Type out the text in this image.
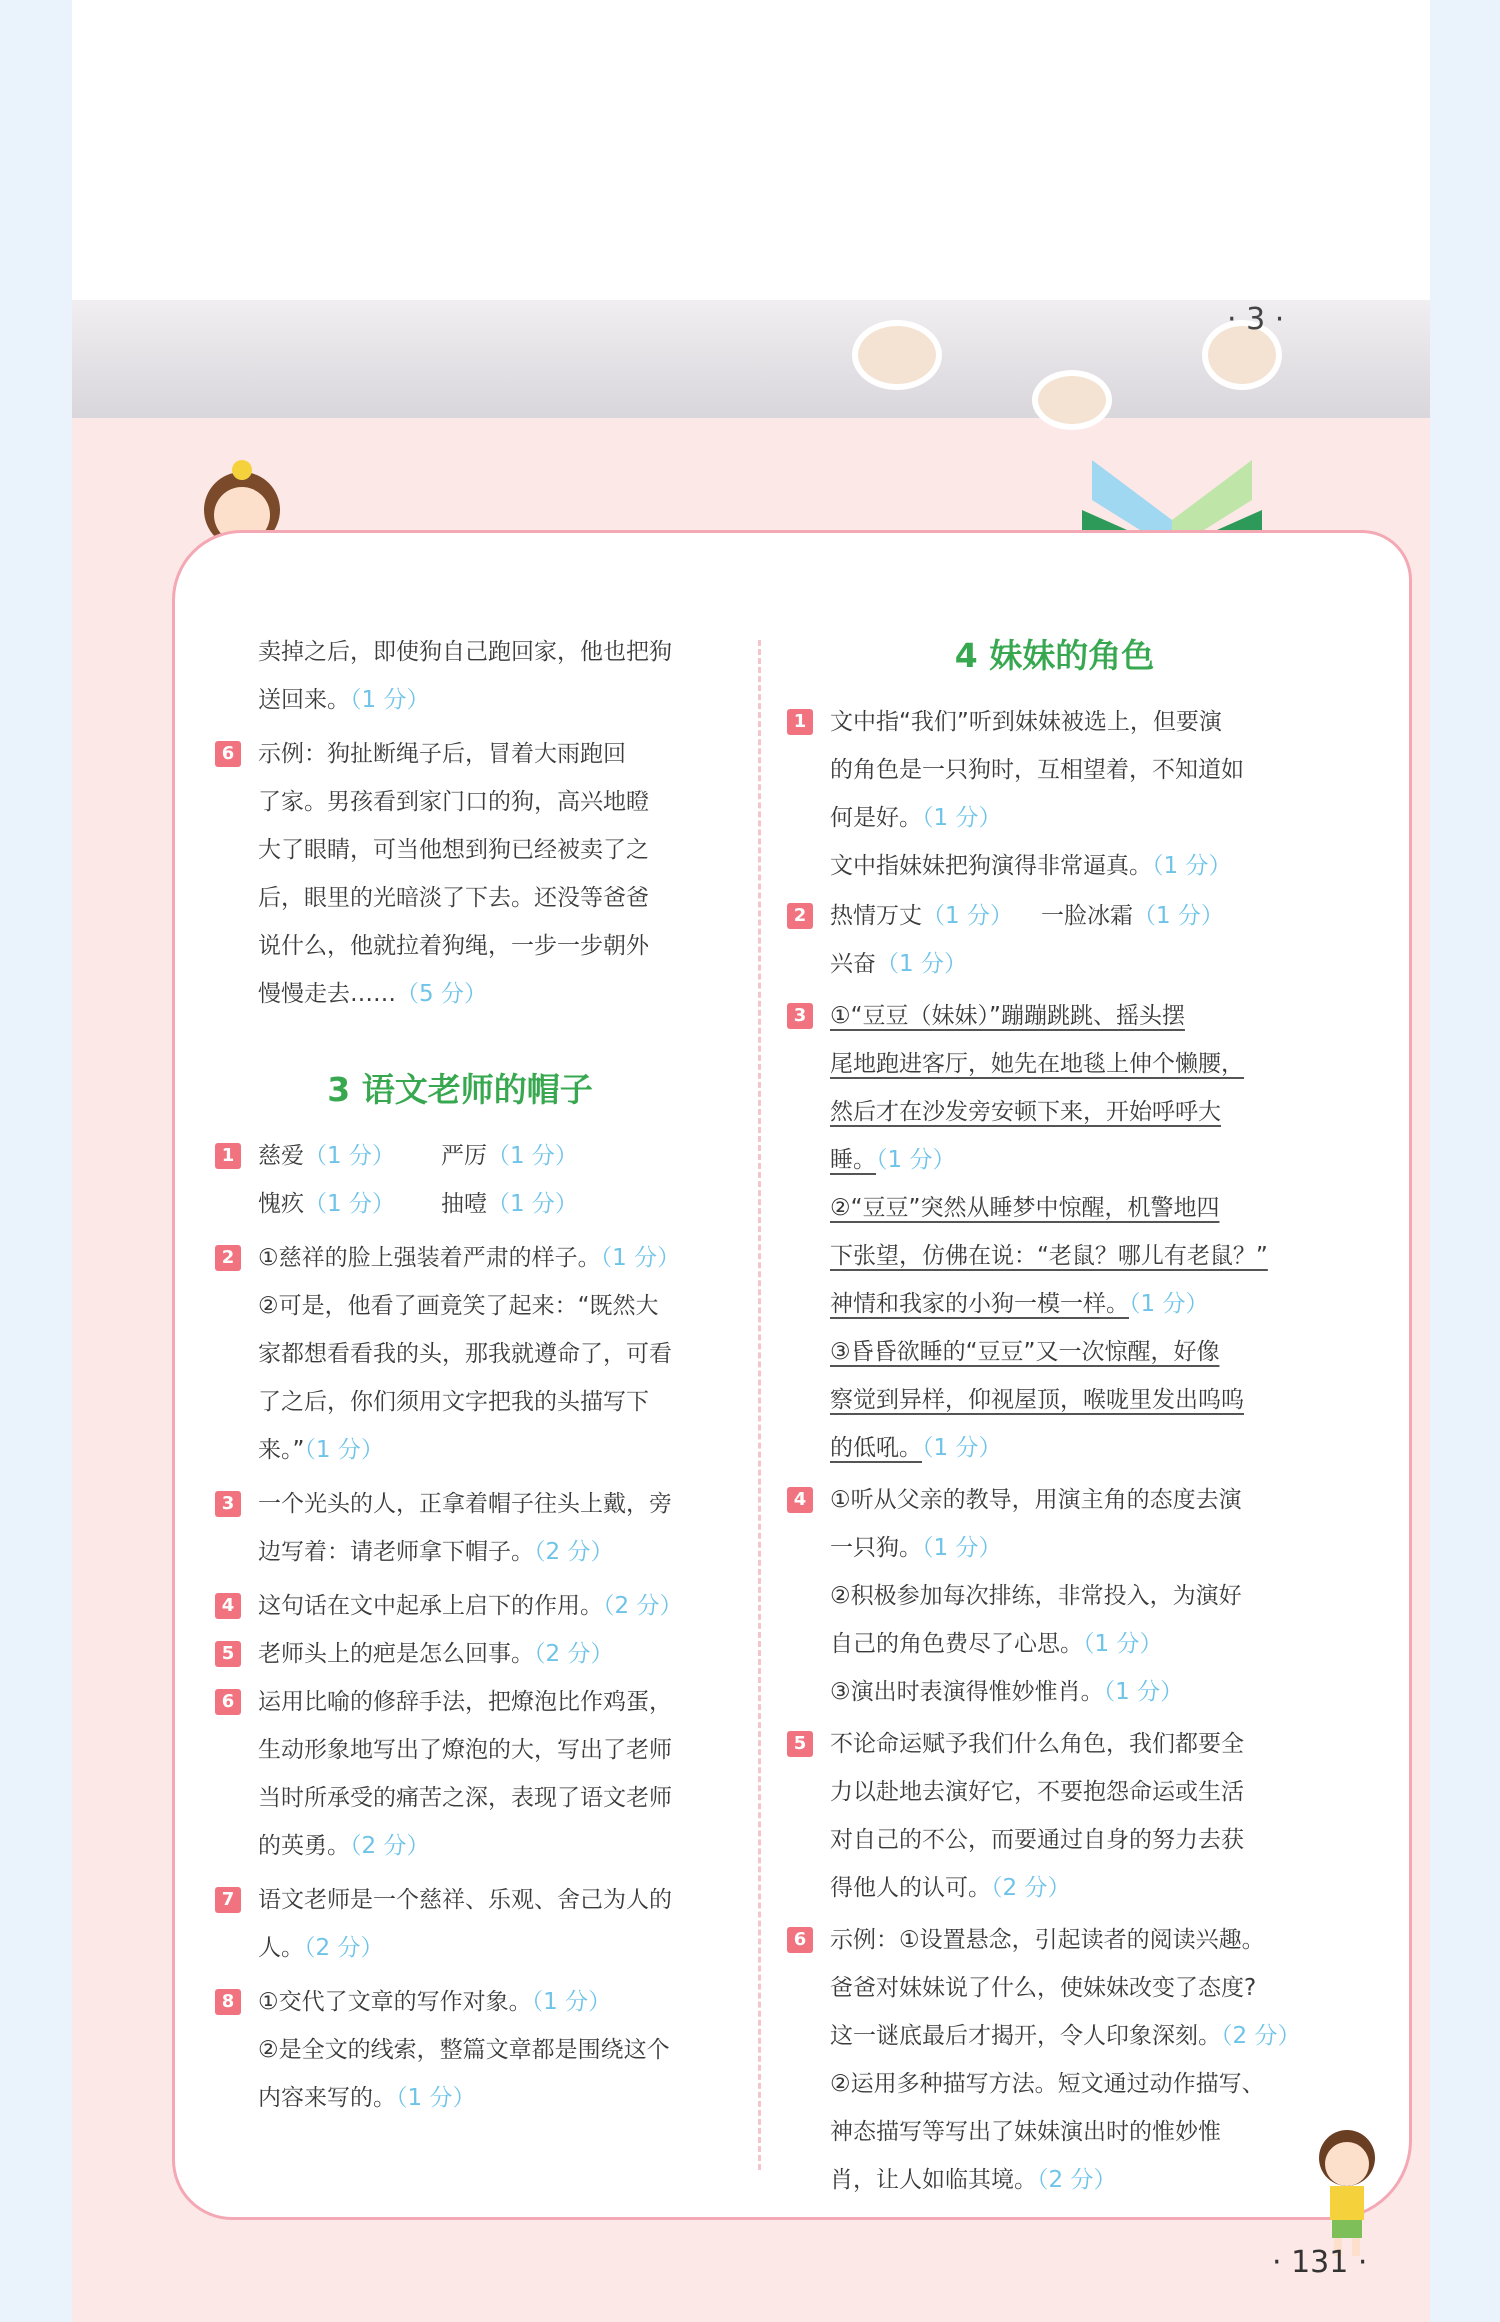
· 3 ·

卖掉之后，即使狗自己跑回家，他也把狗

送回来。（1 分）

6 示例：狗扯断绳子后，冒着大雨跑回

了家。男孩看到家门口的狗，高兴地瞪

大了眼睛，可当他想到狗已经被卖了之

后，眼里的光暗淡了下去。还没等爸爸

说什么，他就拉着狗绳，一步一步朝外

慢慢走去……（5 分）

3 语文老师的帽子

1 慈爱（1 分） 严厉（1 分）

愧疚（1 分） 抽噎（1 分）

2 ①慈祥的脸上强装着严肃的样子。（1 分）

②可是，他看了画竟笑了起来：“既然大

家都想看看我的头，那我就遵命了，可看

了之后，你们须用文字把我的头描写下

来。”（1 分）

3 一个光头的人，正拿着帽子往头上戴，旁

边写着：请老师拿下帽子。（2 分）

4 这句话在文中起承上启下的作用。（2 分）

5 老师头上的疤是怎么回事。（2 分）

6 运用比喻的修辞手法，把燎泡比作鸡蛋，

生动形象地写出了燎泡的大，写出了老师

当时所承受的痛苦之深，表现了语文老师

的英勇。（2 分）

7 语文老师是一个慈祥、乐观、舍己为人的

人。（2 分）

8 ①交代了文章的写作对象。（1 分）

②是全文的线索，整篇文章都是围绕这个

内容来写的。（1 分）

4 妹妹的角色

1 文中指“我们”听到妹妹被选上，但要演

的角色是一只狗时，互相望着，不知道如

何是好。（1 分）

文中指妹妹把狗演得非常逼真。（1 分）

2 热情万丈（1 分） 一脸冰霜（1 分）

兴奋（1 分）

3 ①“豆豆（妹妹）”蹦蹦跳跳、摇头摆

尾地跑进客厅，她先在地毯上伸个懒腰，

然后才在沙发旁安顿下来，开始呼呼大

睡。（1 分）

②“豆豆”突然从睡梦中惊醒，机警地四

下张望，仿佛在说：“老鼠？哪儿有老鼠？”

神情和我家的小狗一模一样。（1 分）

③昏昏欲睡的“豆豆”又一次惊醒，好像

察觉到异样，仰视屋顶，喉咙里发出呜呜

的低吼。（1 分）

4 ①听从父亲的教导，用演主角的态度去演

一只狗。（1 分）

②积极参加每次排练，非常投入，为演好

自己的角色费尽了心思。（1 分）

③演出时表演得惟妙惟肖。（1 分）

5 不论命运赋予我们什么角色，我们都要全

力以赴地去演好它，不要抱怨命运或生活

对自己的不公，而要通过自身的努力去获

得他人的认可。（2 分）

6 示例：①设置悬念，引起读者的阅读兴趣。

爸爸对妹妹说了什么，使妹妹改变了态度?

这一谜底最后才揭开，令人印象深刻。（2 分）

②运用多种描写方法。短文通过动作描写、

神态描写等写出了妹妹演出时的惟妙惟

肖，让人如临其境。（2 分）

· 131 ·
